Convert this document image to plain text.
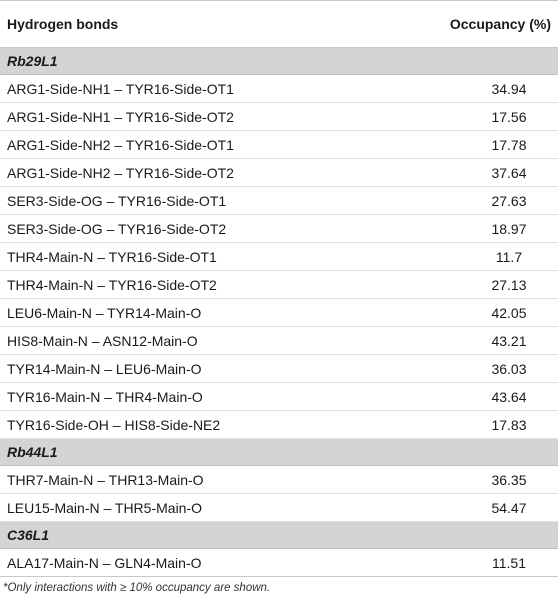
Hydrogen bonds	Occupancy (%)
Rb29L1	
ARG1-Side-NH1 – TYR16-Side-OT1	34.94
ARG1-Side-NH1 – TYR16-Side-OT2	17.56
ARG1-Side-NH2 – TYR16-Side-OT1	17.78
ARG1-Side-NH2 – TYR16-Side-OT2	37.64
SER3-Side-OG – TYR16-Side-OT1	27.63
SER3-Side-OG – TYR16-Side-OT2	18.97
THR4-Main-N – TYR16-Side-OT1	11.7
THR4-Main-N – TYR16-Side-OT2	27.13
LEU6-Main-N – TYR14-Main-O	42.05
HIS8-Main-N – ASN12-Main-O	43.21
TYR14-Main-N – LEU6-Main-O	36.03
TYR16-Main-N – THR4-Main-O	43.64
TYR16-Side-OH – HIS8-Side-NE2	17.83
Rb44L1	
THR7-Main-N – THR13-Main-O	36.35
LEU15-Main-N – THR5-Main-O	54.47
C36L1	
ALA17-Main-N – GLN4-Main-O	11.51
*Only interactions with ≥ 10% occupancy are shown.
